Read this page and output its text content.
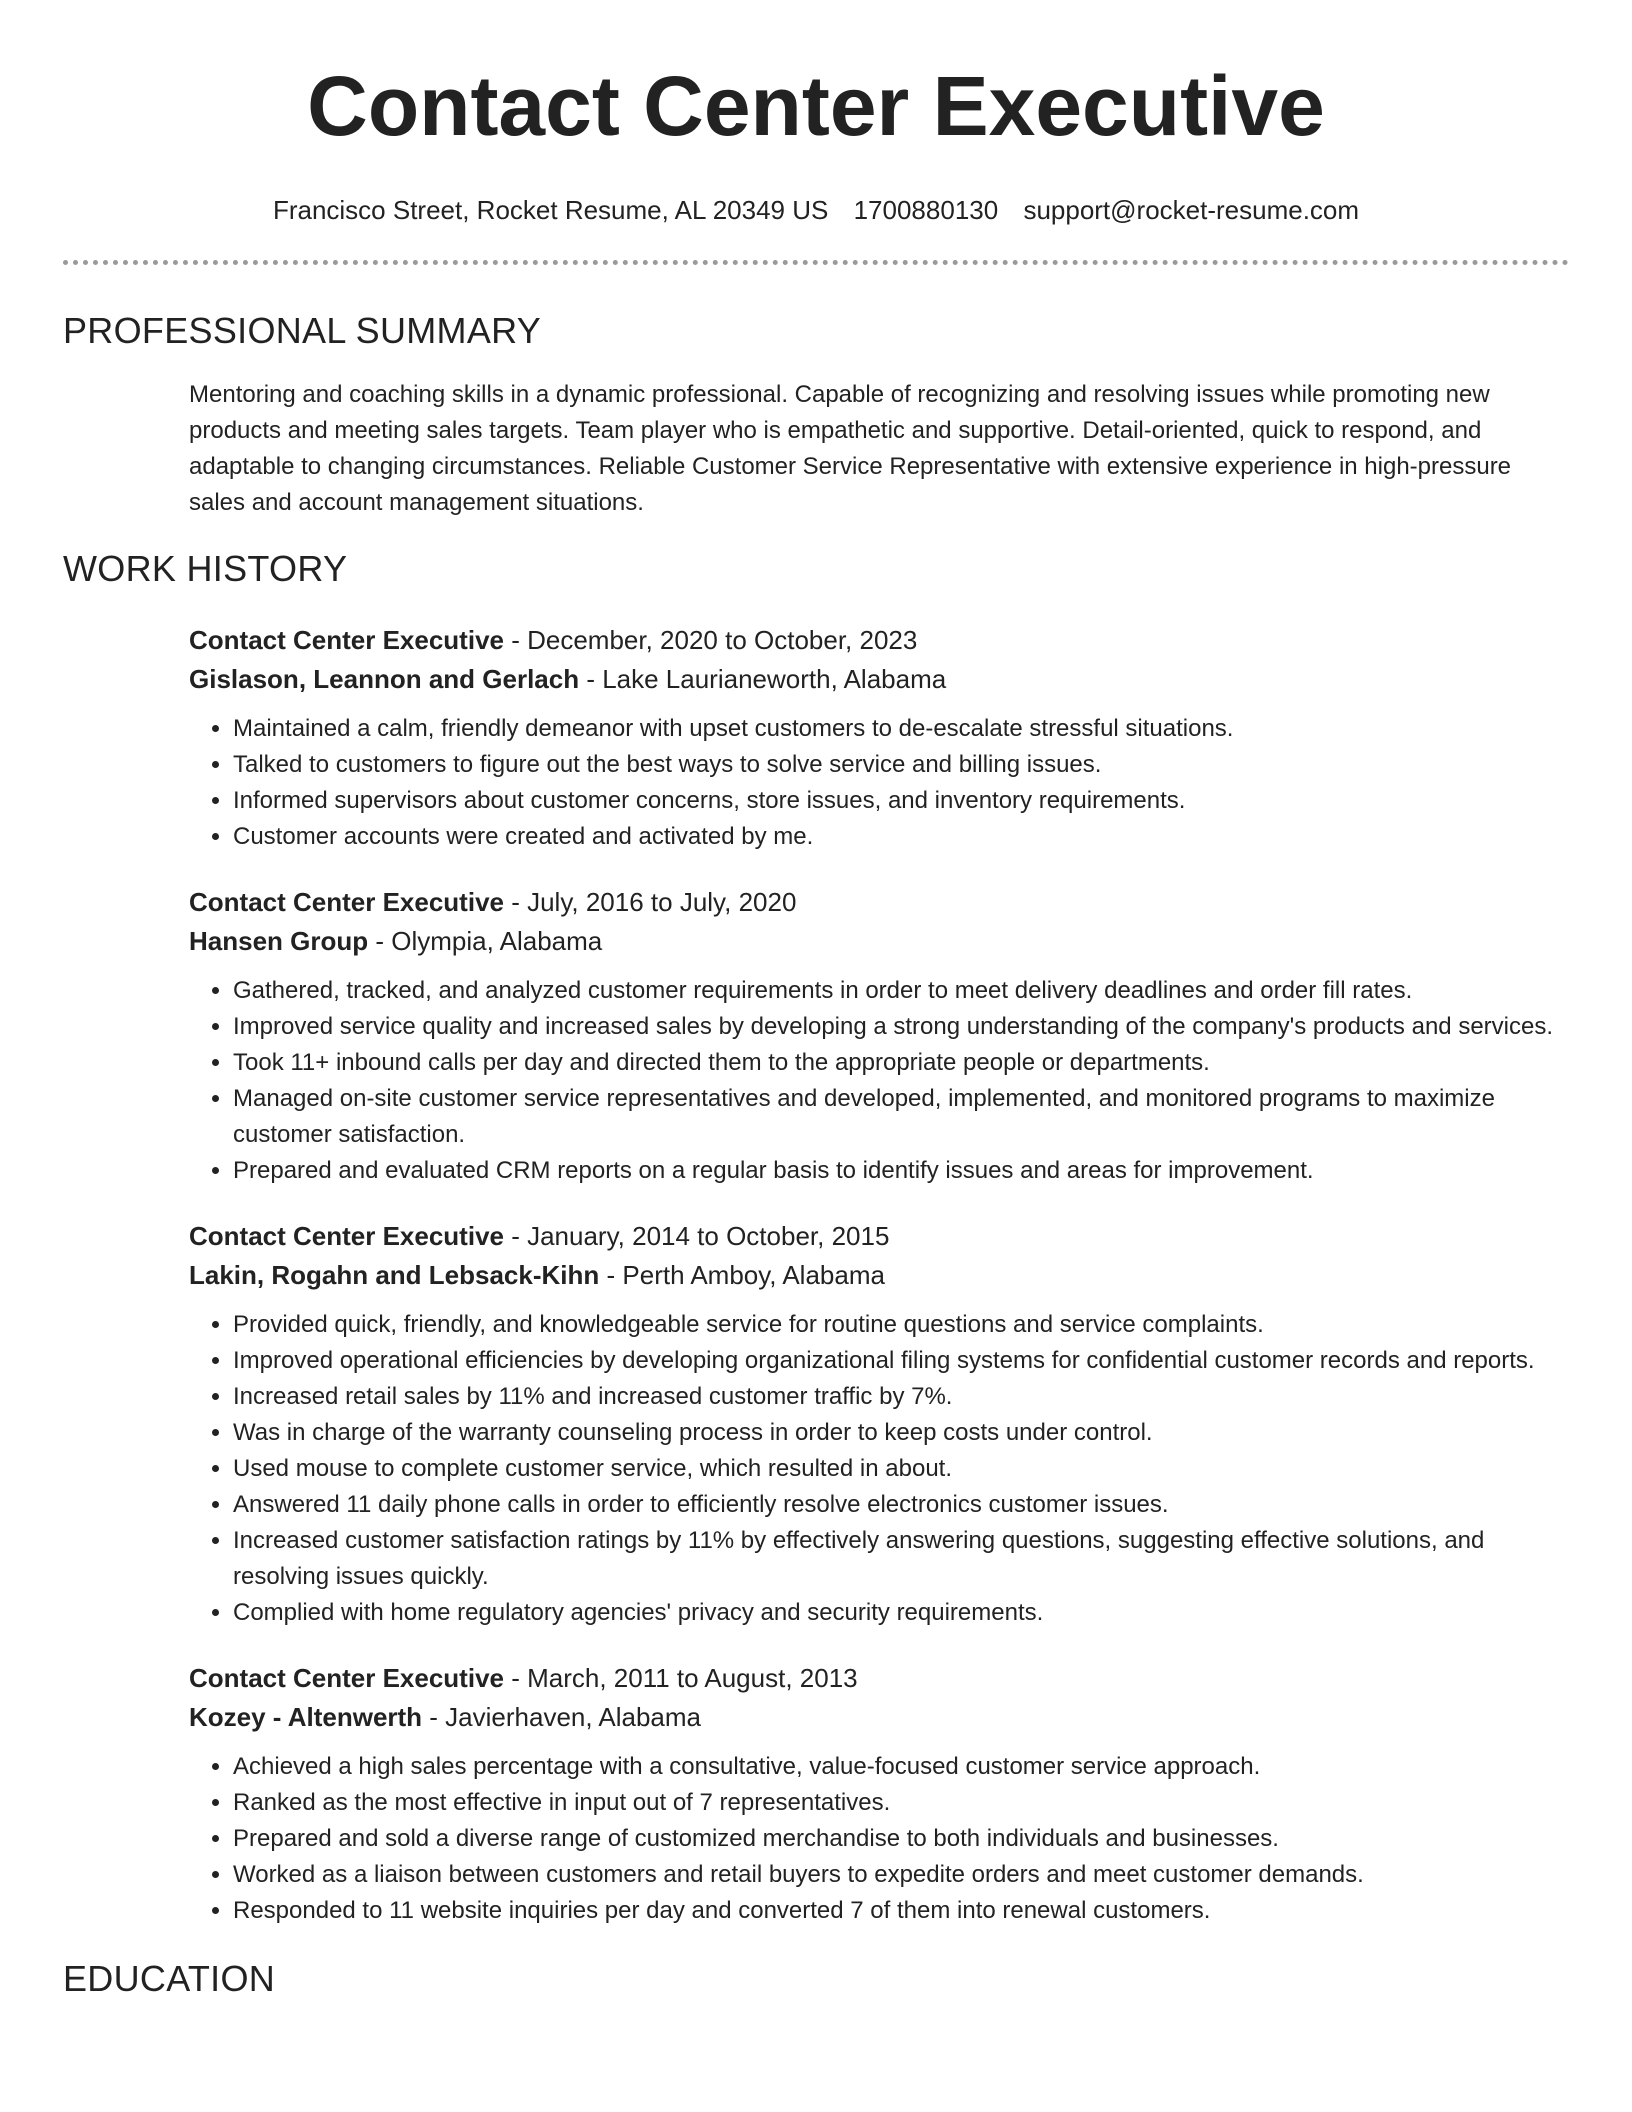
Contact Center Executive
Francisco Street, Rocket Resume, AL 20349 US 1700880130 support@rocket-resume.com
PROFESSIONAL SUMMARY
Mentoring and coaching skills in a dynamic professional. Capable of recognizing and resolving issues while promoting new products and meeting sales targets. Team player who is empathetic and supportive. Detail-oriented, quick to respond, and adaptable to changing circumstances. Reliable Customer Service Representative with extensive experience in high-pressure sales and account management situations.
WORK HISTORY
Contact Center Executive - December, 2020 to October, 2023
Gislason, Leannon and Gerlach - Lake Laurianeworth, Alabama
• Maintained a calm, friendly demeanor with upset customers to de-escalate stressful situations.
• Talked to customers to figure out the best ways to solve service and billing issues.
• Informed supervisors about customer concerns, store issues, and inventory requirements.
• Customer accounts were created and activated by me.
Contact Center Executive - July, 2016 to July, 2020
Hansen Group - Olympia, Alabama
• Gathered, tracked, and analyzed customer requirements in order to meet delivery deadlines and order fill rates.
• Improved service quality and increased sales by developing a strong understanding of the company's products and services.
• Took 11+ inbound calls per day and directed them to the appropriate people or departments.
• Managed on-site customer service representatives and developed, implemented, and monitored programs to maximize customer satisfaction.
• Prepared and evaluated CRM reports on a regular basis to identify issues and areas for improvement.
Contact Center Executive - January, 2014 to October, 2015
Lakin, Rogahn and Lebsack-Kihn - Perth Amboy, Alabama
• Provided quick, friendly, and knowledgeable service for routine questions and service complaints.
• Improved operational efficiencies by developing organizational filing systems for confidential customer records and reports.
• Increased retail sales by 11% and increased customer traffic by 7%.
• Was in charge of the warranty counseling process in order to keep costs under control.
• Used mouse to complete customer service, which resulted in about.
• Answered 11 daily phone calls in order to efficiently resolve electronics customer issues.
• Increased customer satisfaction ratings by 11% by effectively answering questions, suggesting effective solutions, and resolving issues quickly.
• Complied with home regulatory agencies' privacy and security requirements.
Contact Center Executive - March, 2011 to August, 2013
Kozey - Altenwerth - Javierhaven, Alabama
• Achieved a high sales percentage with a consultative, value-focused customer service approach.
• Ranked as the most effective in input out of 7 representatives.
• Prepared and sold a diverse range of customized merchandise to both individuals and businesses.
• Worked as a liaison between customers and retail buyers to expedite orders and meet customer demands.
• Responded to 11 website inquiries per day and converted 7 of them into renewal customers.
EDUCATION
